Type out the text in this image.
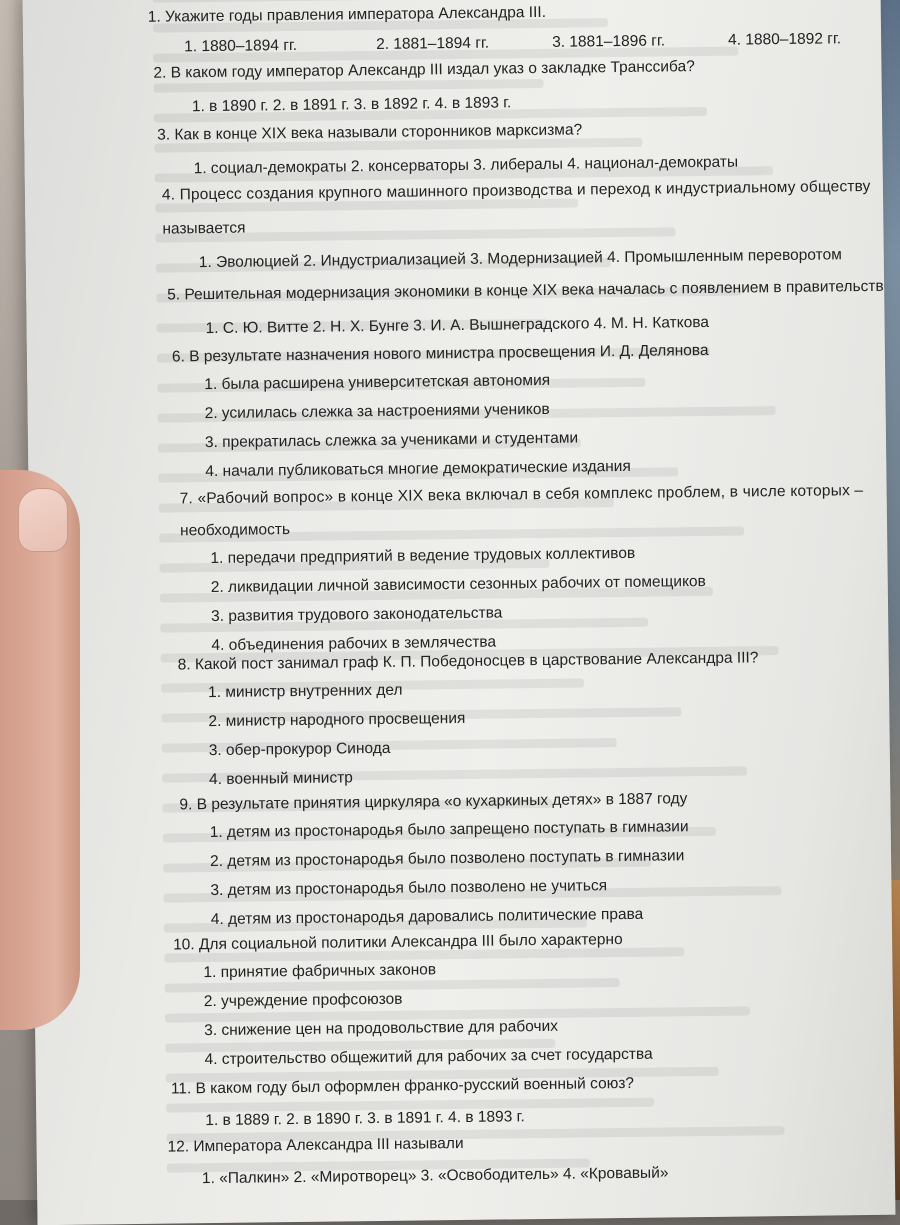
1. Укажите годы правления императора Александра III.
1. 1880–1894 гг.	2. 1881–1894 гг.	3. 1881–1896 гг.	4. 1880–1892 гг.
2. В каком году император Александр III издал указ о закладке Транссиба?
1. в 1890 г. 2. в 1891 г. 3. в 1892 г. 4. в 1893 г.
3. Как в конце XIX века называли сторонников марксизма?
1. социал-демократы 2. консерваторы 3. либералы 4. национал-демократы
4. Процесс создания крупного машинного производства и переход к индустриальному обществу
называется
1. Эволюцией 2. Индустриализацией 3. Модернизацией 4. Промышленным переворотом
5. Решительная модернизация экономики в конце XIX века началась с появлением в правительстве
1. С. Ю. Витте 2. Н. Х. Бунге 3. И. А. Вышнеградского 4. М. Н. Каткова
6. В результате назначения нового министра просвещения И. Д. Делянова
1. была расширена университетская автономия
2. усилилась слежка за настроениями учеников
3. прекратилась слежка за учениками и студентами
4. начали публиковаться многие демократические издания
7. «Рабочий вопрос» в конце XIX века включал в себя комплекс проблем, в числе которых –
необходимость
1. передачи предприятий в ведение трудовых коллективов
2. ликвидации личной зависимости сезонных рабочих от помещиков
3. развития трудового законодательства
4. объединения рабочих в землячества
8. Какой пост занимал граф К. П. Победоносцев в царствование Александра III?
1. министр внутренних дел
2. министр народного просвещения
3. обер-прокурор Синода
4. военный министр
9. В результате принятия циркуляра «о кухаркиных детях» в 1887 году
1. детям из простонародья было запрещено поступать в гимназии
2. детям из простонародья было позволено поступать в гимназии
3. детям из простонародья было позволено не учиться
4. детям из простонародья даровались политические права
10. Для социальной политики Александра III было характерно
1. принятие фабричных законов
2. учреждение профсоюзов
3. снижение цен на продовольствие для рабочих
4. строительство общежитий для рабочих за счет государства
11. В каком году был оформлен франко-русский военный союз?
1. в 1889 г. 2. в 1890 г. 3. в 1891 г. 4. в 1893 г.
12. Императора Александра III называли
1. «Палкин» 2. «Миротворец» 3. «Освободитель» 4. «Кровавый»
